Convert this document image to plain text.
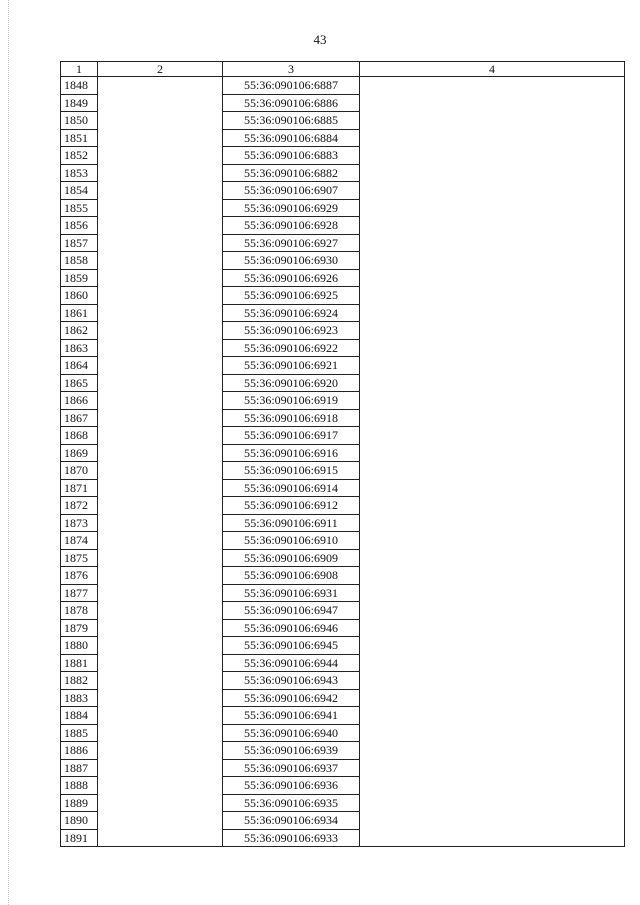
43
1	2	3	4
1848		55:36:090106:6887	
1849		55:36:090106:6886	
1850		55:36:090106:6885	
1851		55:36:090106:6884	
1852		55:36:090106:6883	
1853		55:36:090106:6882	
1854		55:36:090106:6907	
1855		55:36:090106:6929	
1856		55:36:090106:6928	
1857		55:36:090106:6927	
1858		55:36:090106:6930	
1859		55:36:090106:6926	
1860		55:36:090106:6925	
1861		55:36:090106:6924	
1862		55:36:090106:6923	
1863		55:36:090106:6922	
1864		55:36:090106:6921	
1865		55:36:090106:6920	
1866		55:36:090106:6919	
1867		55:36:090106:6918	
1868		55:36:090106:6917	
1869		55:36:090106:6916	
1870		55:36:090106:6915	
1871		55:36:090106:6914	
1872		55:36:090106:6912	
1873		55:36:090106:6911	
1874		55:36:090106:6910	
1875		55:36:090106:6909	
1876		55:36:090106:6908	
1877		55:36:090106:6931	
1878		55:36:090106:6947	
1879		55:36:090106:6946	
1880		55:36:090106:6945	
1881		55:36:090106:6944	
1882		55:36:090106:6943	
1883		55:36:090106:6942	
1884		55:36:090106:6941	
1885		55:36:090106:6940	
1886		55:36:090106:6939	
1887		55:36:090106:6937	
1888		55:36:090106:6936	
1889		55:36:090106:6935	
1890		55:36:090106:6934	
1891		55:36:090106:6933	
